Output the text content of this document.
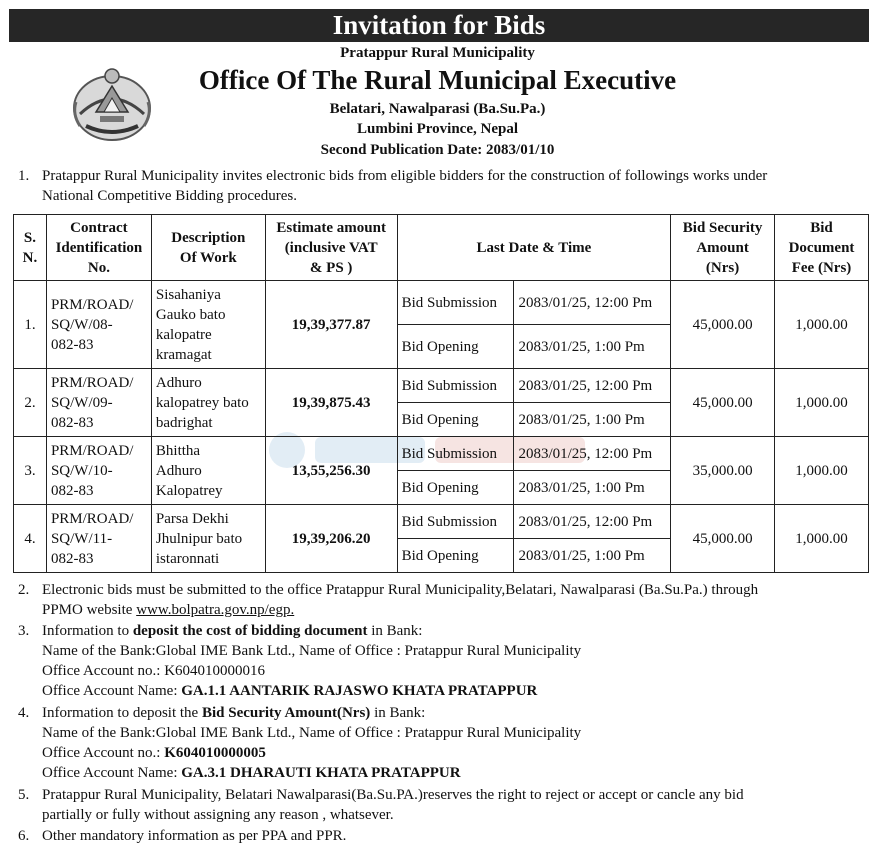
Invitation for Bids
Pratappur Rural Municipality
Office Of The Rural Municipal Executive
Belatari, Nawalparasi (Ba.Su.Pa.)
Lumbini Province, Nepal
Second Publication Date: 2083/01/10
1. Pratappur Rural Municipality invites electronic bids from eligible bidders for the construction of followings works under
National Competitive Bidding procedures.
S.
N.	Contract
Identification
No.	Description
Of Work	Estimate amount
(inclusive VAT
& PS )	Last Date & Time		Bid Security
Amount
(Nrs)	Bid
Document
Fee (Nrs)
1.	PRM/ROAD/
SQ/W/08-
082-83	Sisahaniya
Gauko bato
kalopatre
kramagat	19,39,377.87	Bid Submission	2083/01/25, 12:00 Pm	45,000.00	1,000.00
				Bid Opening	2083/01/25, 1:00 Pm		
2.	PRM/ROAD/
SQ/W/09-
082-83	Adhuro
kalopatrey bato
badrighat	19,39,875.43	Bid Submission	2083/01/25, 12:00 Pm	45,000.00	1,000.00
				Bid Opening	2083/01/25, 1:00 Pm		
3.	PRM/ROAD/
SQ/W/10-
082-83	Bhittha
Adhuro
Kalopatrey	13,55,256.30	Bid Submission	2083/01/25, 12:00 Pm	35,000.00	1,000.00
				Bid Opening	2083/01/25, 1:00 Pm		
4.	PRM/ROAD/
SQ/W/11-
082-83	Parsa Dekhi
Jhulnipur bato
istaronnati	19,39,206.20	Bid Submission	2083/01/25, 12:00 Pm	45,000.00	1,000.00
				Bid Opening	2083/01/25, 1:00 Pm		
2. Electronic bids must be submitted to the office Pratappur Rural Municipality,Belatari, Nawalparasi (Ba.Su.Pa.) through
PPMO website www.bolpatra.gov.np/egp.
3. Information to deposit the cost of bidding document in Bank:
Name of the Bank:Global IME Bank Ltd., Name of Office : Pratappur Rural Municipality
Office Account no.: K604010000016
Office Account Name: GA.1.1 AANTARIK RAJASWO KHATA PRATAPPUR
4. Information to deposit the Bid Security Amount(Nrs) in Bank:
Name of the Bank:Global IME Bank Ltd., Name of Office : Pratappur Rural Municipality
Office Account no.: K604010000005
Office Account Name: GA.3.1 DHARAUTI KHATA PRATAPPUR
5. Pratappur Rural Municipality, Belatari Nawalparasi(Ba.Su.PA.)reserves the right to reject or accept or cancle any bid
partially or fully without assigning any reason , whatsever.
6. Other mandatory information as per PPA and PPR.
